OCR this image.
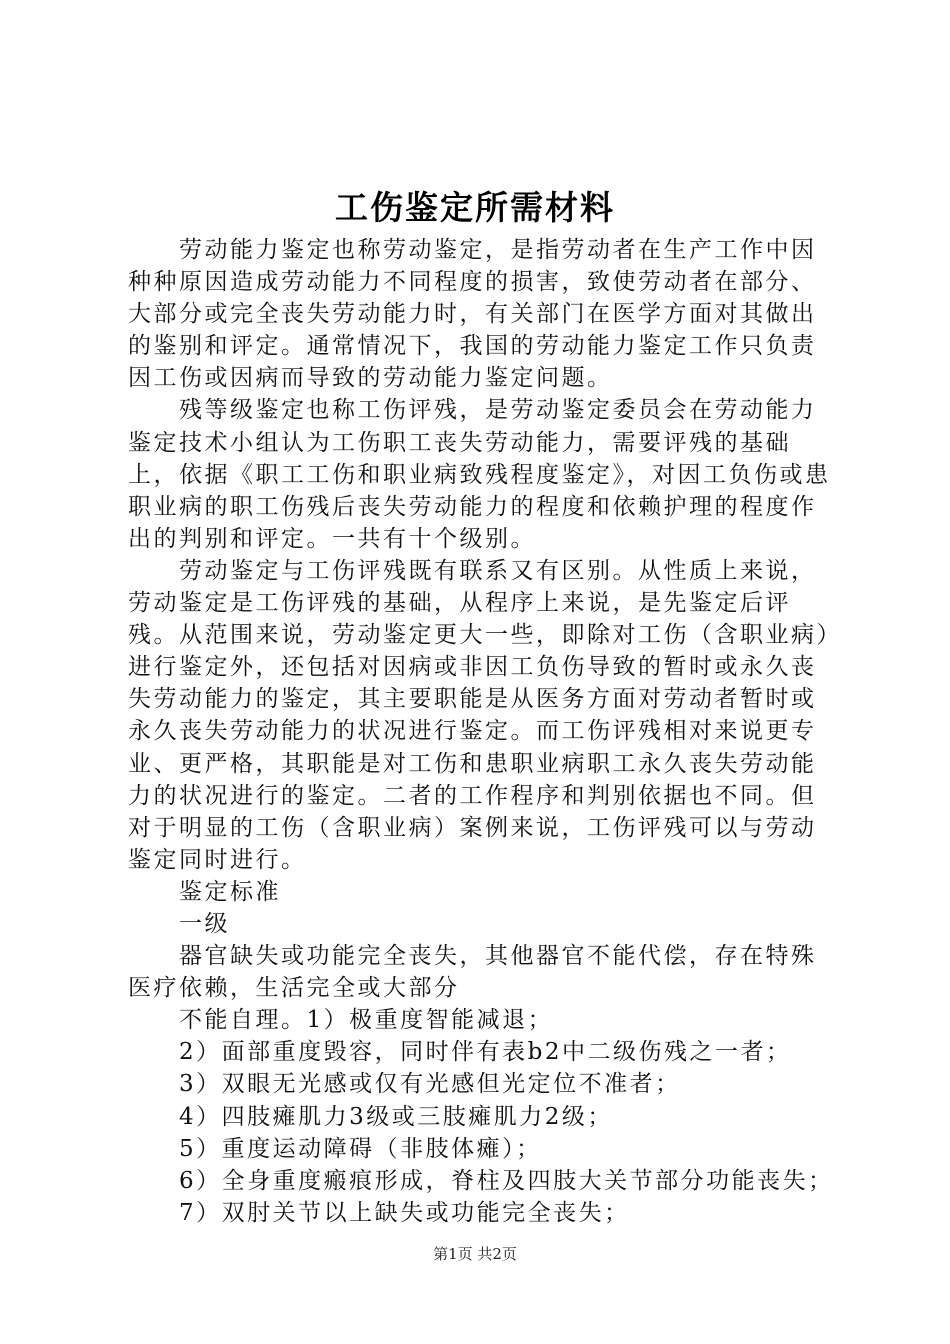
工伤鉴定所需材料

劳动能力鉴定也称劳动鉴定，是指劳动者在生产工作中因种种原因造成劳动能力不同程度的损害，致使劳动者在部分、大部分或完全丧失劳动能力时，有关部门在医学方面对其做出的鉴别和评定。通常情况下，我国的劳动能力鉴定工作只负责因工伤或因病而导致的劳动能力鉴定问题。

残等级鉴定也称工伤评残，是劳动鉴定委员会在劳动能力鉴定技术小组认为工伤职工丧失劳动能力，需要评残的基础上，依据《职工工伤和职业病致残程度鉴定》，对因工负伤或患职业病的职工伤残后丧失劳动能力的程度和依赖护理的程度作出的判别和评定。一共有十个级别。

劳动鉴定与工伤评残既有联系又有区别。从性质上来说，劳动鉴定是工伤评残的基础，从程序上来说，是先鉴定后评残。从范围来说，劳动鉴定更大一些，即除对工伤（含职业病）进行鉴定外，还包括对因病或非因工负伤导致的暂时或永久丧失劳动能力的鉴定，其主要职能是从医务方面对劳动者暂时或永久丧失劳动能力的状况进行鉴定。而工伤评残相对来说更专业、更严格，其职能是对工伤和患职业病职工永久丧失劳动能力的状况进行的鉴定。二者的工作程序和判别依据也不同。但对于明显的工伤（含职业病）案例来说，工伤评残可以与劳动鉴定同时进行。

鉴定标准

一级

器官缺失或功能完全丧失，其他器官不能代偿，存在特殊医疗依赖，生活完全或大部分

不能自理。1）极重度智能减退；

2）面部重度毁容，同时伴有表b2中二级伤残之一者；

3）双眼无光感或仅有光感但光定位不准者；

4）四肢瘫肌力3级或三肢瘫肌力2级；

5）重度运动障碍（非肢体瘫）；

6）全身重度瘢痕形成，脊柱及四肢大关节部分功能丧失；

7）双肘关节以上缺失或功能完全丧失；

第1页 共2页
